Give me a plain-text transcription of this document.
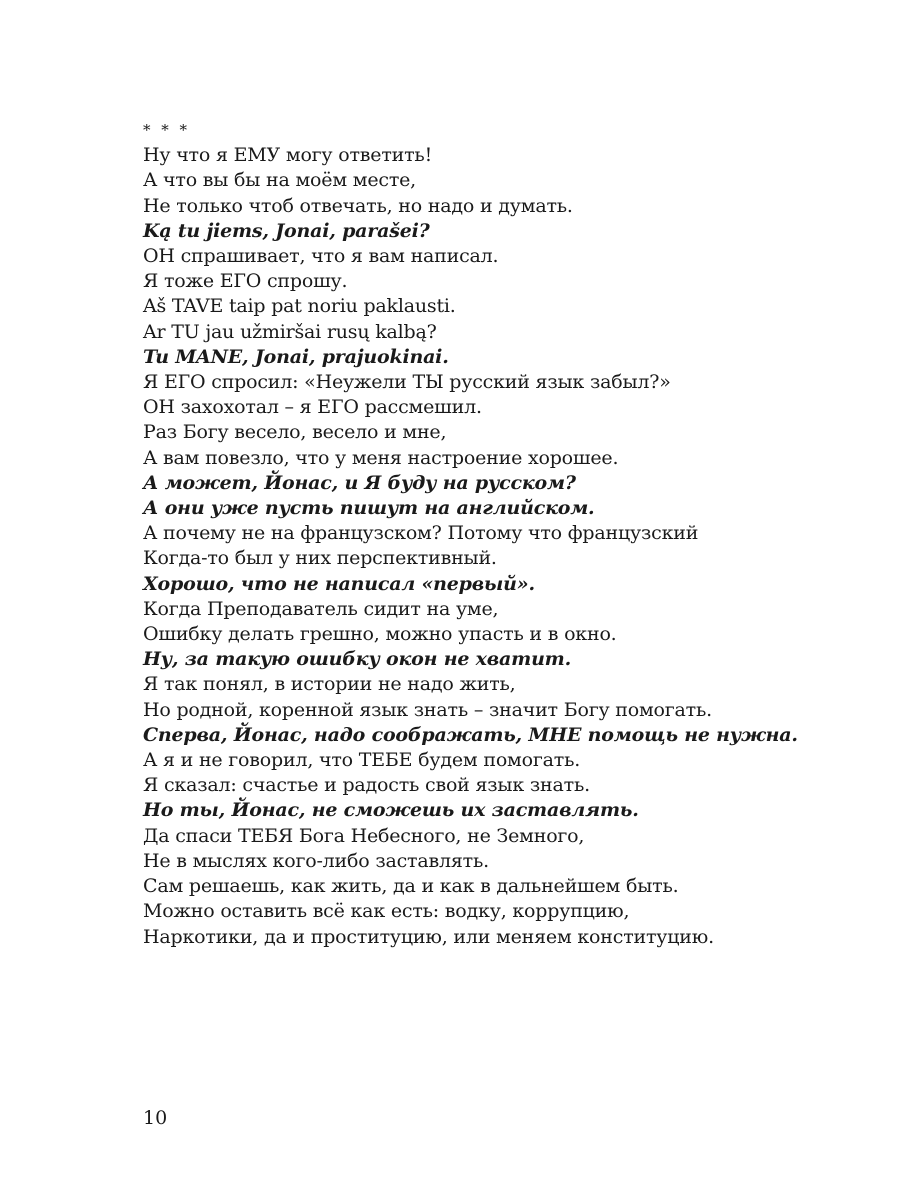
* * *
Ну что я ЕМУ могу ответить!
А что вы бы на моём месте,
Не только чтоб отвечать, но надо и думать.
Ką tu jiems, Jonai, parašei?
ОН спрашивает, что я вам написал.
Я тоже ЕГО спрошу.
Aš TAVE taip pat noriu paklausti.
Ar TU jau užmiršai rusų kalbą?
Tu MANE, Jonai, prajuokinai.
Я ЕГО спросил: «Неужели ТЫ русский язык забыл?»
ОН захохотал – я ЕГО рассмешил.
Раз Богу весело, весело и мне,
А вам повезло, что у меня настроение хорошее.
А может, Йонас, и Я буду на русском?
А они уже пусть пишут на английском.
А почему не на французском? Потому что французский
Когда-то был у них перспективный.
Хорошо, что не написал «первый».
Когда Преподаватель сидит на уме,
Ошибку делать грешно, можно упасть и в окно.
Ну, за такую ошибку окон не хватит.
Я так понял, в истории не надо жить,
Но родной, коренной язык знать – значит Богу помогать.
Сперва, Йонас, надо соображать, МНЕ помощь не нужна.
А я и не говорил, что ТЕБЕ будем помогать.
Я сказал: счастье и радость свой язык знать.
Но ты, Йонас, не сможешь их заставлять.
Да спаси ТЕБЯ Бога Небесного, не Земного,
Не в мыслях кого-либо заставлять.
Сам решаешь, как жить, да и как в дальнейшем быть.
Можно оставить всё как есть: водку, коррупцию,
Наркотики, да и проституцию, или меняем конституцию.
10
